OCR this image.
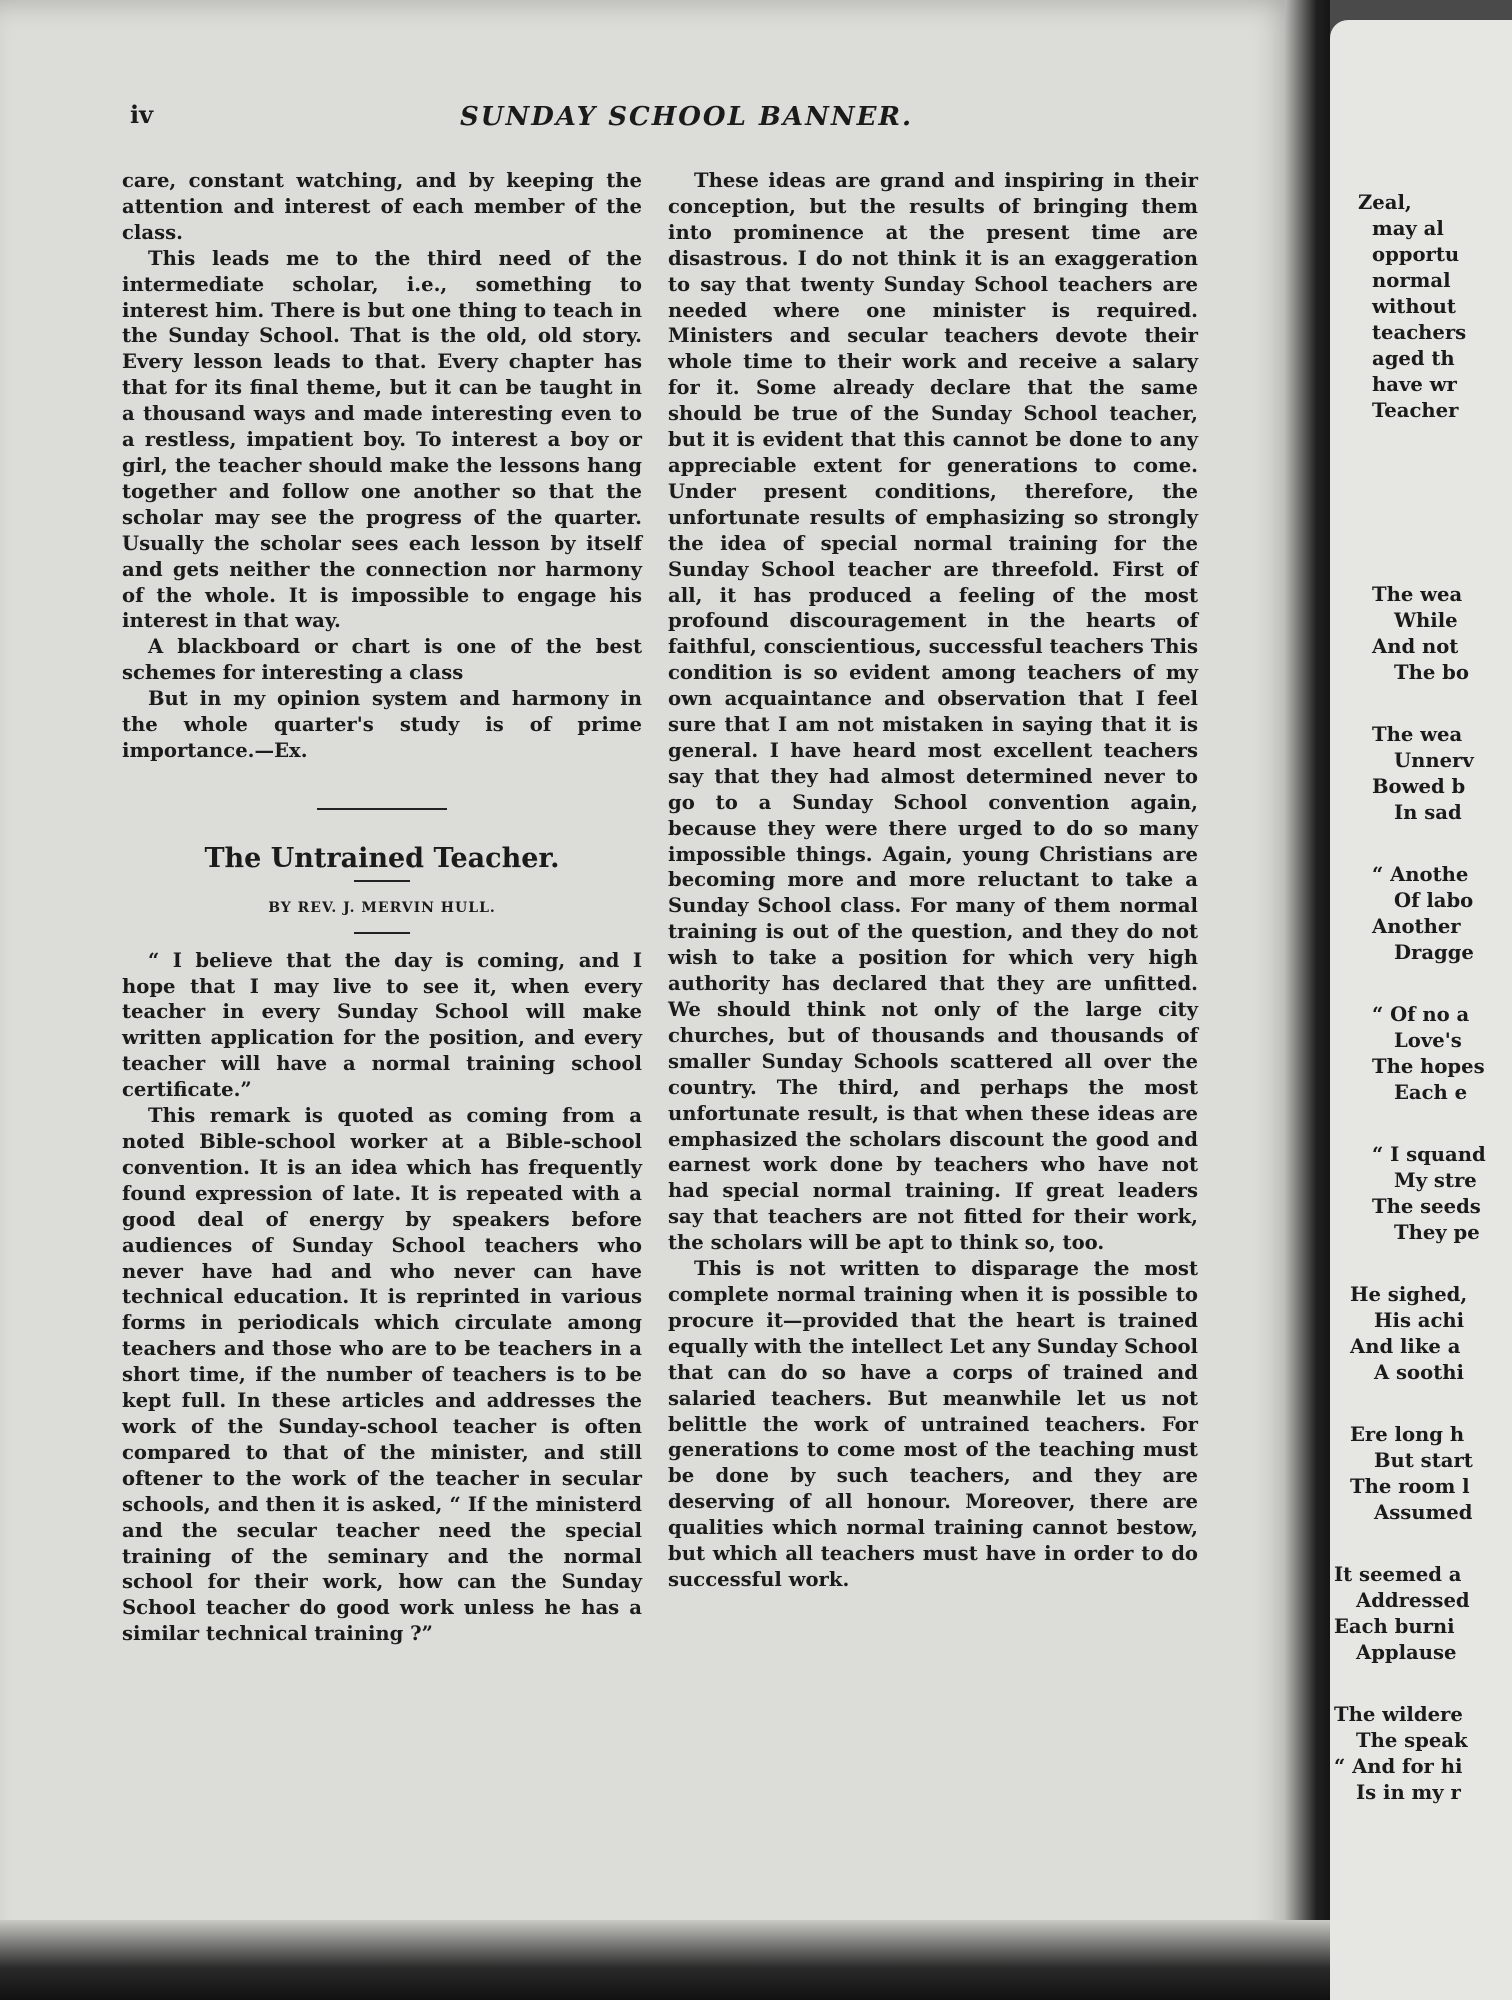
iv	SUNDAY SCHOOL BANNER.

care, constant watching, and by keeping the attention and interest of each member of the class.

This leads me to the third need of the intermediate scholar, i.e., something to interest him. There is but one thing to teach in the Sunday School. That is the old, old story. Every lesson leads to that. Every chapter has that for its final theme, but it can be taught in a thousand ways and made interesting even to a restless, impatient boy. To interest a boy or girl, the teacher should make the lessons hang together and follow one another so that the scholar may see the progress of the quarter. Usually the scholar sees each lesson by itself and gets neither the connection nor harmony of the whole. It is impossible to engage his interest in that way.

A blackboard or chart is one of the best schemes for interesting a class

But in my opinion system and harmony in the whole quarter's study is of prime importance.—Ex.

The Untrained Teacher.
BY REV. J. MERVIN HULL.

“ I believe that the day is coming, and I hope that I may live to see it, when every teacher in every Sunday School will make written application for the position, and every teacher will have a normal training school certificate.”

This remark is quoted as coming from a noted Bible-school worker at a Bible-school convention. It is an idea which has frequently found expression of late. It is repeated with a good deal of energy by speakers before audiences of Sunday School teachers who never have had and who never can have technical education. It is reprinted in various forms in periodicals which circulate among teachers and those who are to be teachers in a short time, if the number of teachers is to be kept full. In these articles and addresses the work of the Sunday-school teacher is often compared to that of the minister, and still oftener to the work of the teacher in secular schools, and then it is asked, “ If the ministerd and the secular teacher need the special training of the seminary and the normal school for their work, how can the Sunday School teacher do good work unless he has a similar technical training ?”

These ideas are grand and inspiring in their conception, but the results of bringing them into prominence at the present time are disastrous. I do not think it is an exaggeration to say that twenty Sunday School teachers are needed where one minister is required. Ministers and secular teachers devote their whole time to their work and receive a salary for it. Some already declare that the same should be true of the Sunday School teacher, but it is evident that this cannot be done to any appreciable extent for generations to come. Under present conditions, therefore, the unfortunate results of emphasizing so strongly the idea of special normal training for the Sunday School teacher are threefold. First of all, it has produced a feeling of the most profound discouragement in the hearts of faithful, conscientious, successful teachers This condition is so evident among teachers of my own acquaintance and observation that I feel sure that I am not mistaken in saying that it is general. I have heard most excellent teachers say that they had almost determined never to go to a Sunday School convention again, because they were there urged to do so many impossible things. Again, young Christians are becoming more and more reluctant to take a Sunday School class. For many of them normal training is out of the question, and they do not wish to take a position for which very high authority has declared that they are unfitted. We should think not only of the large city churches, but of thousands and thousands of smaller Sunday Schools scattered all over the country. The third, and perhaps the most unfortunate result, is that when these ideas are emphasized the scholars discount the good and earnest work done by teachers who have not had special normal training. If great leaders say that teachers are not fitted for their work, the scholars will be apt to think so, too.

This is not written to disparage the most complete normal training when it is possible to procure it—provided that the heart is trained equally with the intellect Let any Sunday School that can do so have a corps of trained and salaried teachers. But meanwhile let us not belittle the work of untrained teachers. For generations to come most of the teaching must be done by such teachers, and they are deserving of all honour. Moreover, there are qualities which normal training cannot bestow, but which all teachers must have in order to do successful work.

Zeal,
may al
opportu
normal
without
teachers
aged th
have wr
Teacher
The wea
While
And not
The bo
The wea
Unnerv
Bowed b
In sad
“ Anothe
Of labo
Another
Dragge
“ Of no a
Love's
The hopes
Each e
“ I squand
My stre
The seeds
They pe
He sighed,
His achi
And like a
A soothi
Ere long h
But start
The room l
Assumed
It seemed a
Addressed
Each burni
Applause
The wildere
The speak
“ And for hi
Is in my r
